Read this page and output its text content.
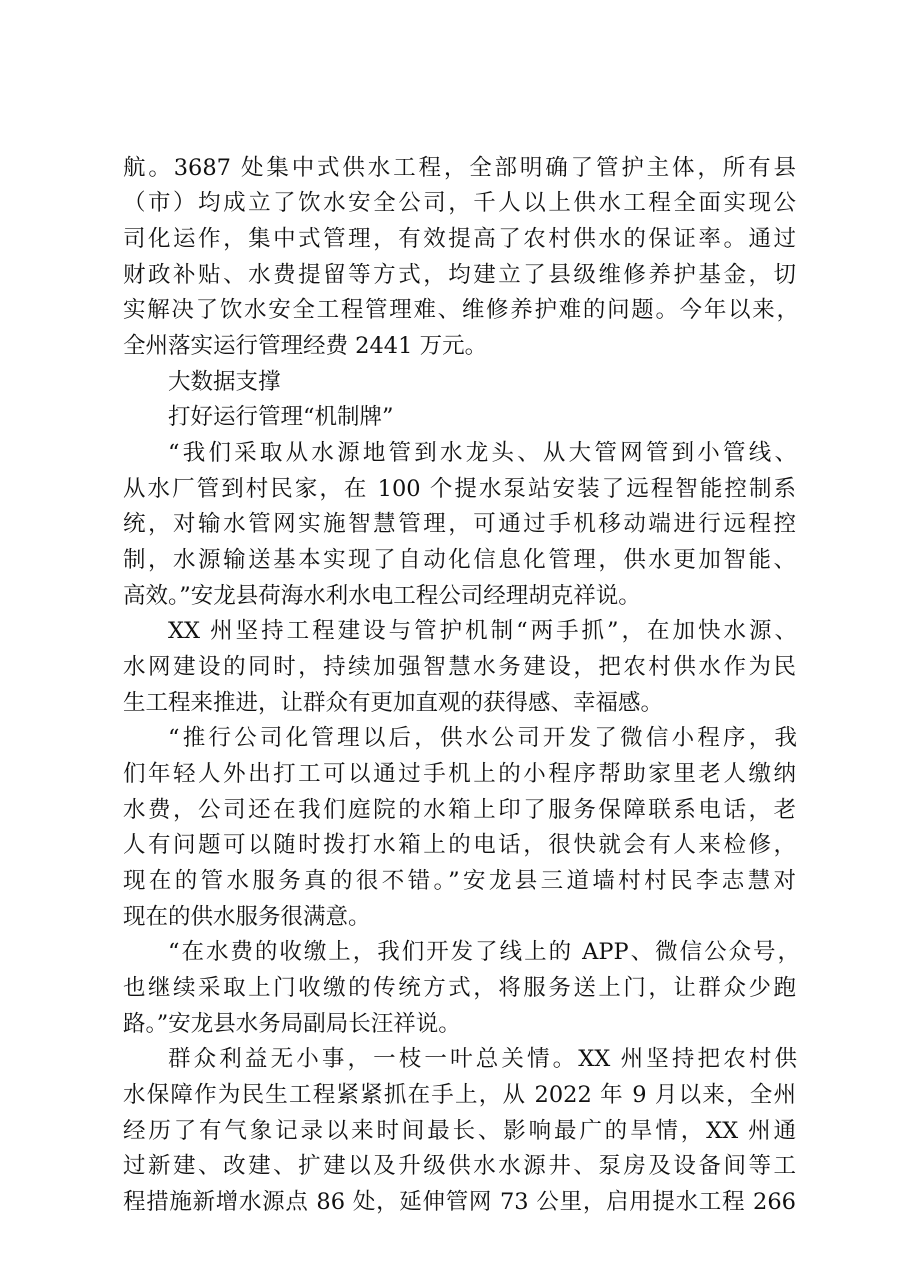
航。3687 处集中式供水工程，全部明确了管护主体，所有县
（市）均成立了饮水安全公司，千人以上供水工程全面实现公
司化运作，集中式管理，有效提高了农村供水的保证率。通过
财政补贴、水费提留等方式，均建立了县级维修养护基金，切
实解决了饮水安全工程管理难、维修养护难的问题。今年以来，
全州落实运行管理经费 2441 万元。
大数据支撑
打好运行管理“机制牌”
“我们采取从水源地管到水龙头、从大管网管到小管线、
从水厂管到村民家，在 100 个提水泵站安装了远程智能控制系
统，对输水管网实施智慧管理，可通过手机移动端进行远程控
制，水源输送基本实现了自动化信息化管理，供水更加智能、
高效。”安龙县荷海水利水电工程公司经理胡克祥说。
XX 州坚持工程建设与管护机制“两手抓”，在加快水源、
水网建设的同时，持续加强智慧水务建设，把农村供水作为民
生工程来推进，让群众有更加直观的获得感、幸福感。
“推行公司化管理以后，供水公司开发了微信小程序，我
们年轻人外出打工可以通过手机上的小程序帮助家里老人缴纳
水费，公司还在我们庭院的水箱上印了服务保障联系电话，老
人有问题可以随时拨打水箱上的电话，很快就会有人来检修，
现在的管水服务真的很不错。”安龙县三道墙村村民李志慧对
现在的供水服务很满意。
“在水费的收缴上，我们开发了线上的 APP、微信公众号，
也继续采取上门收缴的传统方式，将服务送上门，让群众少跑
路。”安龙县水务局副局长汪祥说。
群众利益无小事，一枝一叶总关情。XX 州坚持把农村供
水保障作为民生工程紧紧抓在手上，从 2022 年 9 月以来，全州
经历了有气象记录以来时间最长、影响最广的旱情，XX 州通
过新建、改建、扩建以及升级供水水源井、泵房及设备间等工
程措施新增水源点 86 处，延伸管网 73 公里，启用提水工程 266
